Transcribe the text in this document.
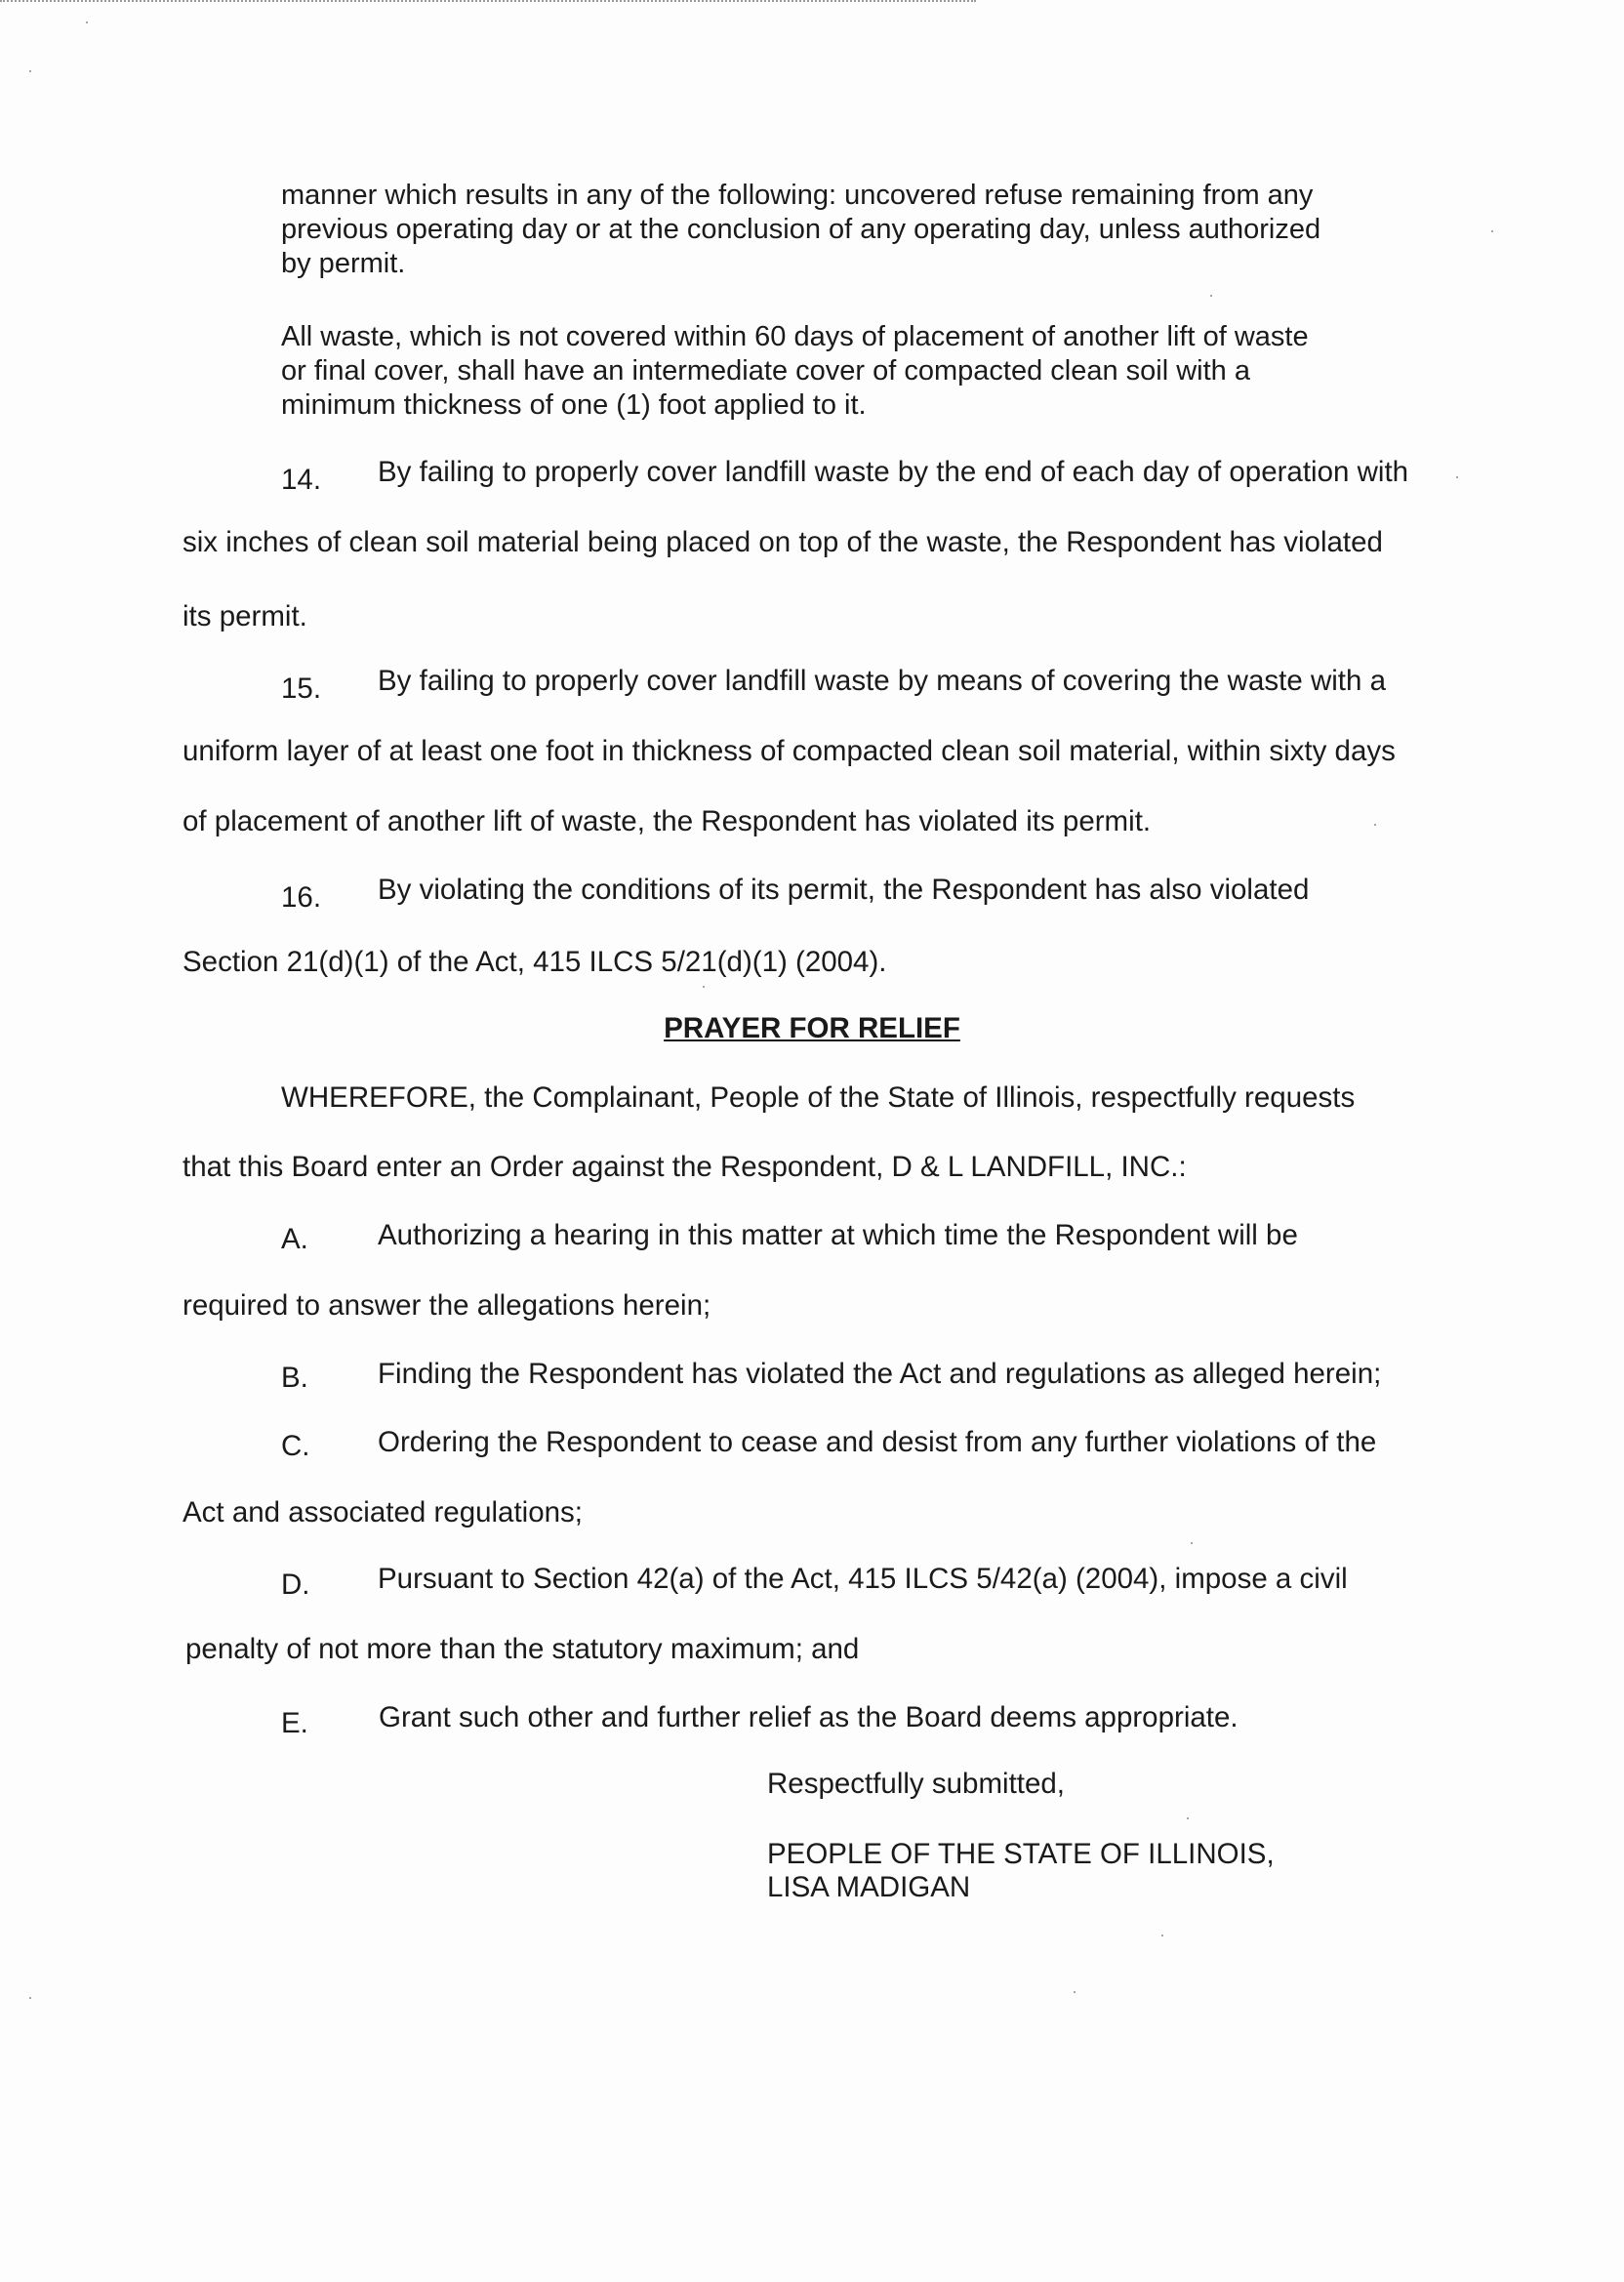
manner which results in any of the following: uncovered refuse remaining from any previous operating day or at the conclusion of any operating day, unless authorized by permit.

All waste, which is not covered within 60 days of placement of another lift of waste or final cover, shall have an intermediate cover of compacted clean soil with a minimum thickness of one (1) foot applied to it.

14. By failing to properly cover landfill waste by the end of each day of operation with
six inches of clean soil material being placed on top of the waste, the Respondent has violated
its permit.
15. By failing to properly cover landfill waste by means of covering the waste with a
uniform layer of at least one foot in thickness of compacted clean soil material, within sixty days
of placement of another lift of waste, the Respondent has violated its permit.
16. By violating the conditions of its permit, the Respondent has also violated
Section 21(d)(1) of the Act, 415 ILCS 5/21(d)(1) (2004).
PRAYER FOR RELIEF
WHEREFORE, the Complainant, People of the State of Illinois, respectfully requests
that this Board enter an Order against the Respondent, D & L LANDFILL, INC.:
A. Authorizing a hearing in this matter at which time the Respondent will be
required to answer the allegations herein;
B. Finding the Respondent has violated the Act and regulations as alleged herein;
C. Ordering the Respondent to cease and desist from any further violations of the
Act and associated regulations;
D. Pursuant to Section 42(a) of the Act, 415 ILCS 5/42(a) (2004), impose a civil
penalty of not more than the statutory maximum; and
E. Grant such other and further relief as the Board deems appropriate.
Respectfully submitted,
PEOPLE OF THE STATE OF ILLINOIS,
LISA MADIGAN
